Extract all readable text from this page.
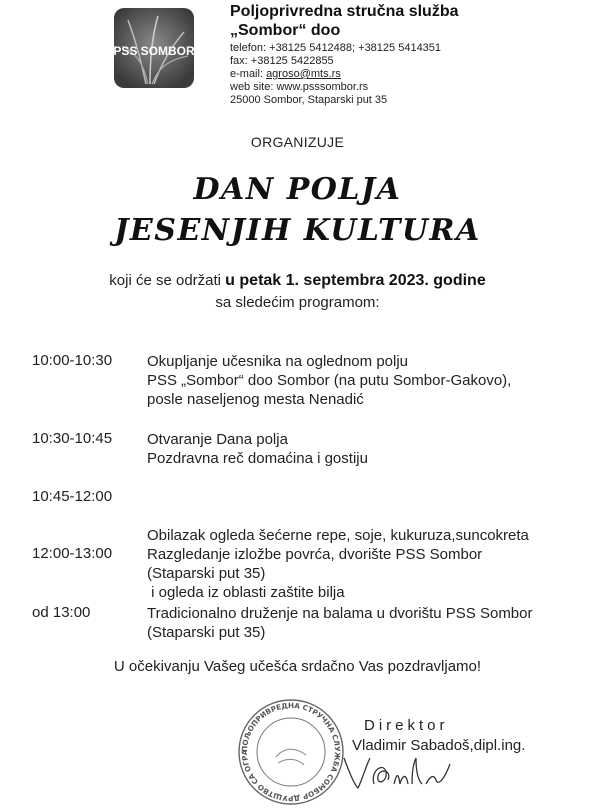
PSS SOMBOR
Poljoprivredna stručna služba
„Sombor“ doo
telefon: +38125 5412488; +38125 5414351
fax: +38125 5422855
e-mail: agroso@mts.rs
web site: www.psssombor.rs
25000 Sombor, Staparski put 35
ORGANIZUJE
DAN POLJA
JESENJIH KULTURA
koji će se održati u petak 1. septembra 2023. godine
sa sledećim programom:
10:00-10:30 Okupljanje učesnika na oglednom polju
PSS „Sombor“ doo Sombor (na putu Sombor-Gakovo),
posle naseljenog mesta Nenadić
10:30-10:45 Otvaranje Dana polja
Pozdravna reč domaćina i gostiju
10:45-12:00

Obilazak ogleda šećerne repe, soje, kukuruza,suncokreta

i ogleda iz oblasti zaštite bilja

12:00-13:00 Razgledanje izložbe povrća, dvorište PSS Sombor
(Staparski put 35)
od 13:00	Tradicionalno druženje na balama u dvorištu PSS Sombor
(Staparski put 35)
U očekivanju Vašeg učešća srdačno Vas pozdravljamo!
ПОЉОПРИВРЕДНА СТРУЧНА СЛУЖБА СОМБОР ДРУШТВО СА ОГРА
Direktor
Vladimir Sabadoš,dipl.ing.
